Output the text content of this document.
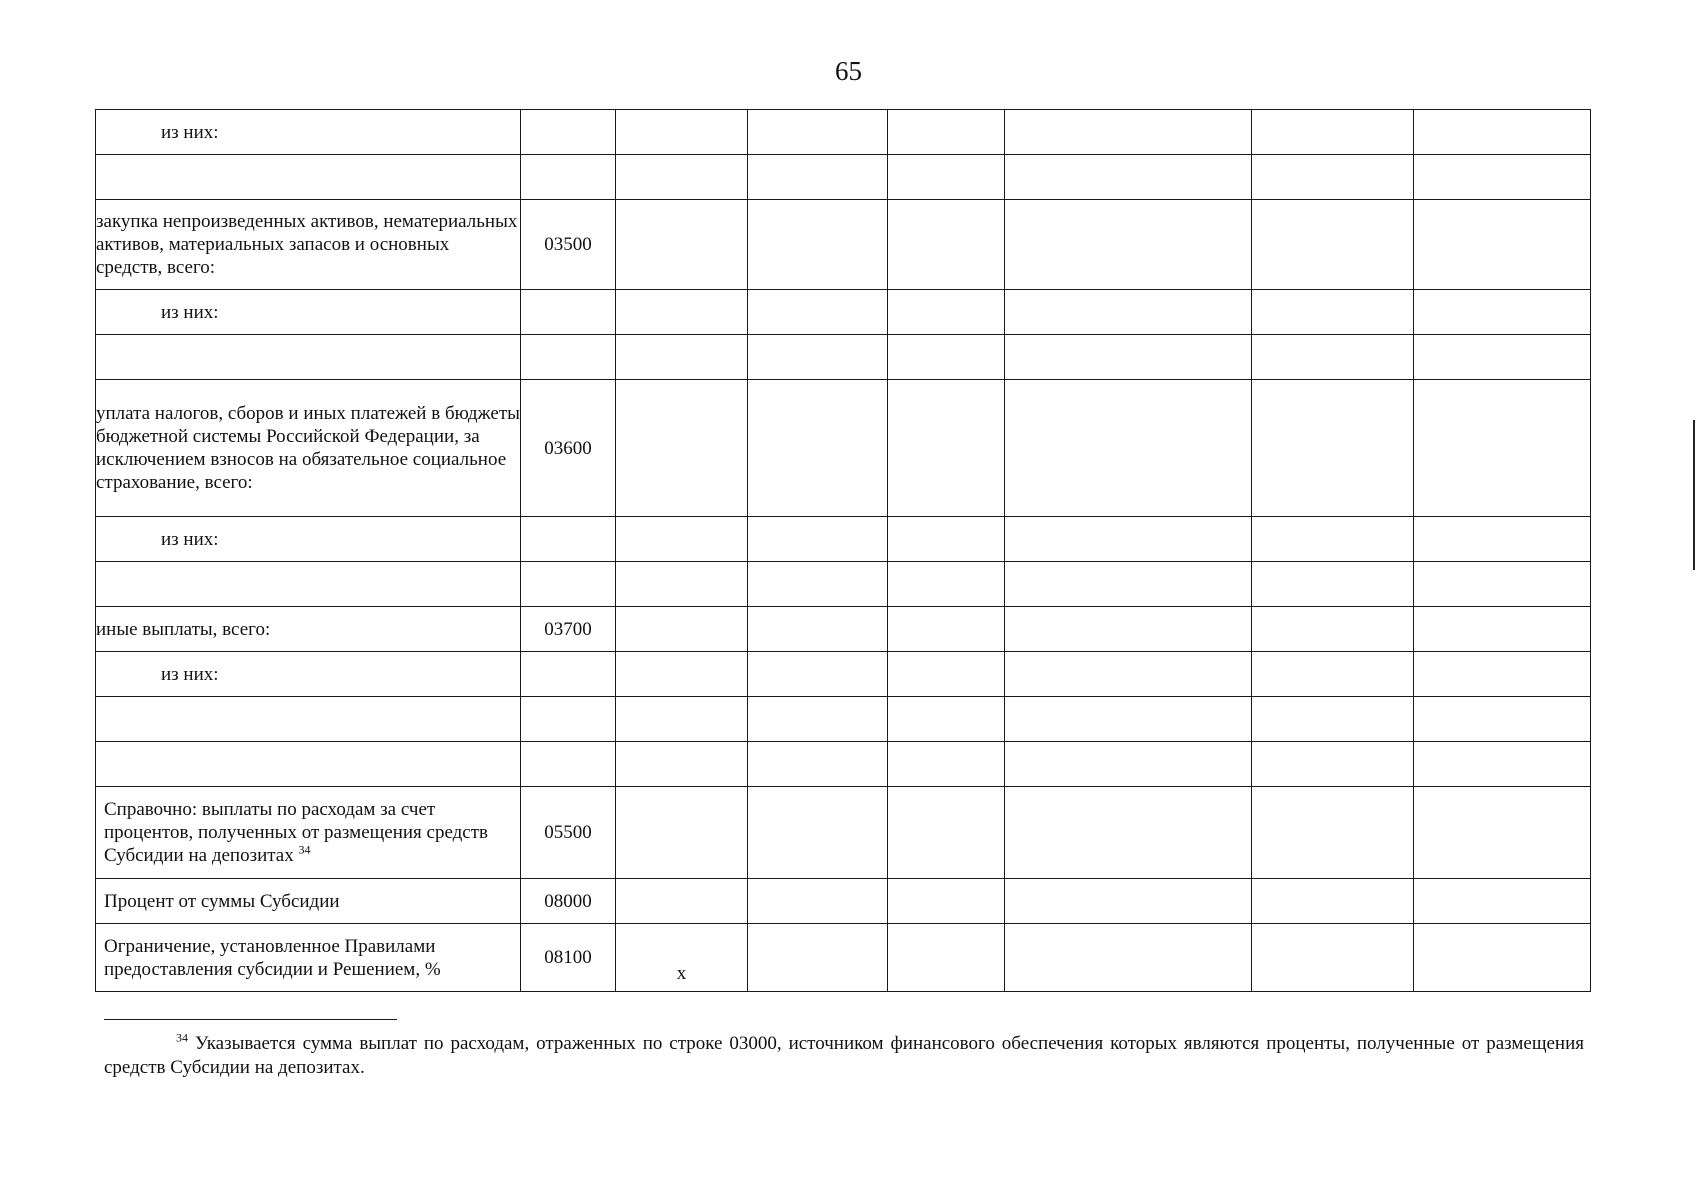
65
из них:							

закупка непроизведенных активов, нематериальных активов, материальных запасов и основных средств, всего:	03500						
из них:							

уплата налогов, сборов и иных платежей в бюджеты бюджетной системы Российской Федерации, за исключением взносов на обязательное социальное страхование, всего:	03600						
из них:							

иные выплаты, всего:	03700						
из них:							

Справочно: выплаты по расходам за счет процентов, полученных от размещения средств Субсидии на депозитах $^{34}$	05500						
Процент от суммы Субсидии	08000						
Ограничение, установленное Правилами предоставления субсидии и Решением, %	08100	x					
$^{34}$ Указывается сумма выплат по расходам, отраженных по строке 03000, источником финансового обеспечения которых являются проценты, полученные от размещения средств Субсидии на депозитах.
